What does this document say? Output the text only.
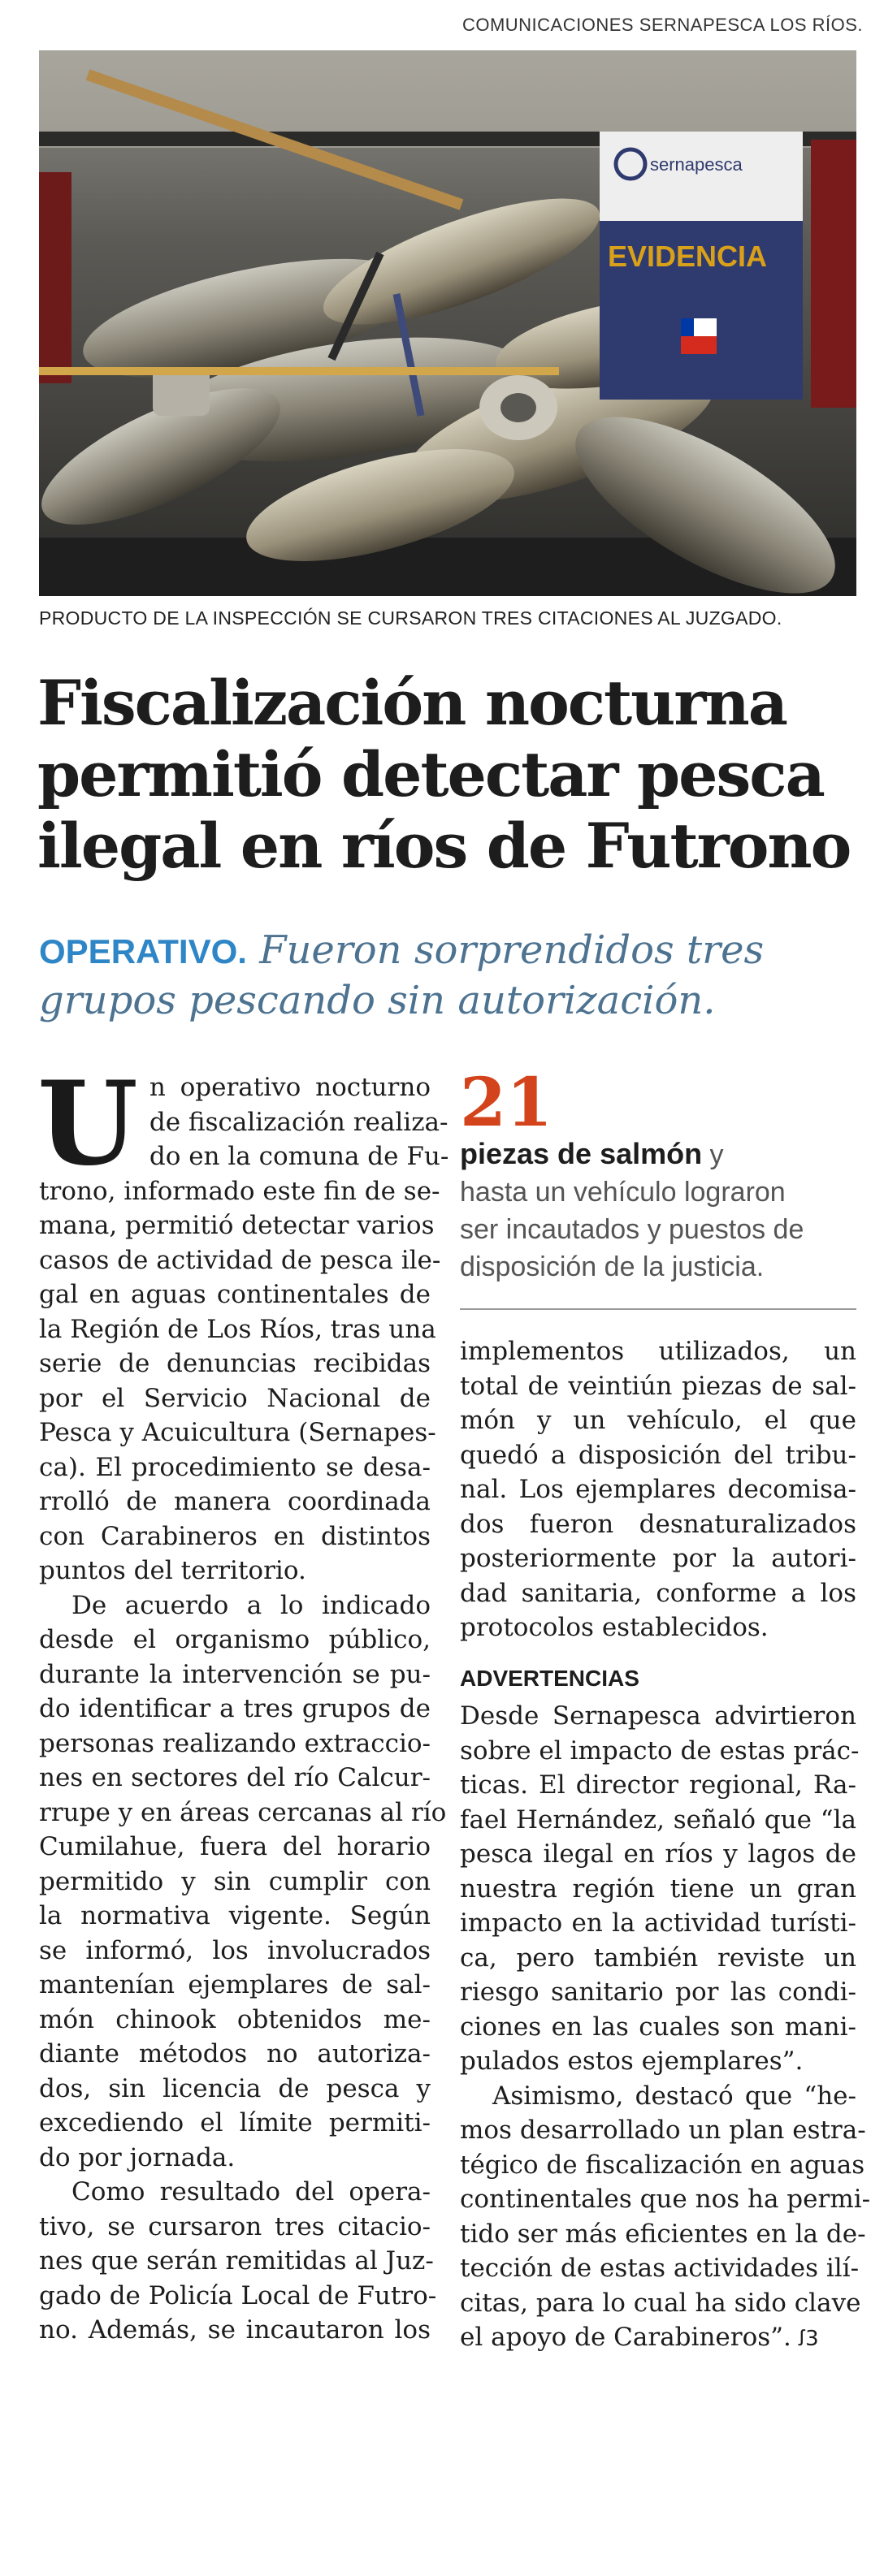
COMUNICACIONES SERNAPESCA LOS RÍOS.
sernapesca
EVIDENCIA
PRODUCTO DE LA INSPECCIÓN SE CURSARON TRES CITACIONES AL JUZGADO.
Fiscalización nocturna
permitió detectar pesca
ilegal en ríos de Futrono
OPERATIVO. Fueron sorprendidos tres
grupos pescando sin autorización.

U n operativo nocturno
de fiscalización realiza-
do en la comuna de Fu-
trono, informado este fin de se-
mana, permitió detectar varios
casos de actividad de pesca ile-
gal en aguas continentales de
la Región de Los Ríos, tras una
serie de denuncias recibidas
por el Servicio Nacional de
Pesca y Acuicultura (Sernapes-
ca). El procedimiento se desa-
rrolló de manera coordinada
con Carabineros en distintos
puntos del territorio.

De acuerdo a lo indicado
desde el organismo público,
durante la intervención se pu-
do identificar a tres grupos de
personas realizando extraccio-
nes en sectores del río Calcur-
rrupe y en áreas cercanas al río
Cumilahue, fuera del horario
permitido y sin cumplir con
la normativa vigente. Según
se informó, los involucrados
mantenían ejemplares de sal-
món chinook obtenidos me-
diante métodos no autoriza-
dos, sin licencia de pesca y
excediendo el límite permiti-
do por jornada.

Como resultado del opera-
tivo, se cursaron tres citacio-
nes que serán remitidas al Juz-
gado de Policía Local de Futro-
no. Además, se incautaron los

21
piezas de salmón y
hasta un vehículo lograron
ser incautados y puestos de
disposición de la justicia.

implementos utilizados, un
total de veintiún piezas de sal-
món y un vehículo, el que
quedó a disposición del tribu-
nal. Los ejemplares decomisa-
dos fueron desnaturalizados
posteriormente por la autori-
dad sanitaria, conforme a los
protocolos establecidos.

ADVERTENCIAS

Desde Sernapesca advirtieron
sobre el impacto de estas prác-
ticas. El director regional, Ra-
fael Hernández, señaló que “la
pesca ilegal en ríos y lagos de
nuestra región tiene un gran
impacto en la actividad turísti-
ca, pero también reviste un
riesgo sanitario por las condi-
ciones en las cuales son mani-
pulados estos ejemplares”.

Asimismo, destacó que “he-
mos desarrollado un plan estra-
tégico de fiscalización en aguas
continentales que nos ha permi-
tido ser más eficientes en la de-
tección de estas actividades ilí-
citas, para lo cual ha sido clave
el apoyo de Carabineros”. ꭍ3
